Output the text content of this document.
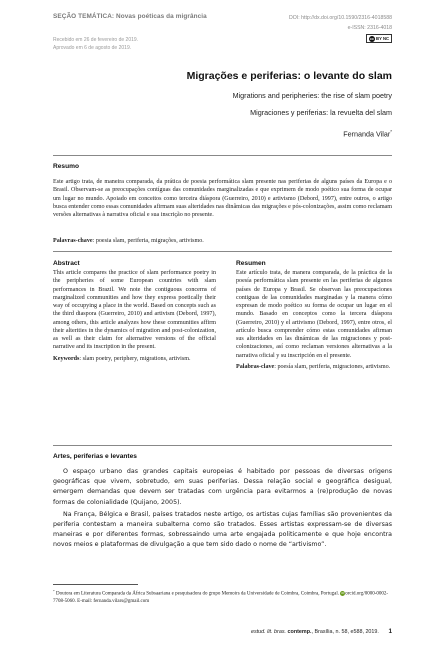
SEÇÃO TEMÁTICA: Novas poéticas da migrância	DOI: http://dx.doi.org/10.1590/2316-4018588
e-ISSN: 2316-4018
cc BY NC
Recebido em 26 de fevereiro de 2019.
Aprovado em 6 de agosto de 2019.
Migrações e periferias: o levante do slam
Migrations and peripheries: the rise of slam poetry
Migraciones y periferias: la revuelta del slam
Fernanda Vilar*
Resumo
Este artigo trata, de maneira comparada, da prática de poesia performática slam presente nas periferias de alguns países da Europa e o Brasil. Observam-se as preocupações contíguas das comunidades marginalizadas e que exprimem de modo poético sua forma de ocupar um lugar no mundo. Apoiado em conceitos como terceira diáspora (Guerreiro, 2010) e artivismo (Debord, 1997), entre outros, o artigo busca entender como essas comunidades afirmam suas alteridades nas dinâmicas das migrações e pós-colonizações, assim como reclamam versões alternativas à narrativa oficial e sua inscrição no presente.
Palavras-chave: poesia slam, periferia, migrações, artivismo.
Abstract	Resumen
This article compares the practice of slam performance poetry in the peripheries of some European countries with slam performances in Brazil. We note the contiguous concerns of marginalized communities and how they express poetically their way of occupying a place in the world. Based on concepts such as the third diaspora (Guerreiro, 2010) and artivism (Debord, 1997), among others, this article analyzes how these communities affirm their alterities in the dynamics of migration and post-colonization, as well as their claim for alternative versions of the official narrative and its inscription in the present.
Keywords: slam poetry, periphery, migrations, artivism.
Este artículo trata, de manera comparada, de la práctica de la poesía performática slam presente en las periferias de algunos países de Europa y Brasil. Se observan las preocupaciones contiguas de las comunidades marginadas y la manera cómo expresan de modo poético su forma de ocupar un lugar en el mundo. Basado en conceptos como la tercera diáspora (Guerreiro, 2010) y el artivismo (Debord, 1997), entre otros, el artículo busca comprender cómo estas comunidades afirman sus alteridades en las dinámicas de las migraciones y post-colonizaciones, así como reclaman versiones alternativas a la narrativa oficial y su inscripción en el presente.
Palabras-clave: poesía slam, periferia, migraciones, artivismo.
Artes, periferias e levantes

O espaço urbano das grandes capitais europeias é habitado por pessoas de diversas origens geográficas que vivem, sobretudo, em suas periferias. Dessa relação social e geográfica desigual, emergem demandas que devem ser tratadas com urgência para evitarmos a (re)produção de novas formas de colonialidade (Quijano, 2005).

Na França, Bélgica e Brasil, países tratados neste artigo, os artistas cujas famílias são provenientes da periferia contestam a maneira subalterna como são tratados. Esses artistas expressam-se de diversas maneiras e por diferentes formas, sobressaindo uma arte engajada politicamente e que hoje encontra novos meios e plataformas de divulgação a que tem sido dado o nome de “artivismo”.

* Doutora em Literatura Comparada da África Subsaariana e pesquisadora do grupo Memoirs da Universidade de Coimbra, Coimbra, Portugal. iDorcid.org/0000-0002-7708-5060. E-mail: fernanda.vilars@gmail.com
estud. lit. bras. contemp., Brasília, n. 58, e588, 2019. 1
